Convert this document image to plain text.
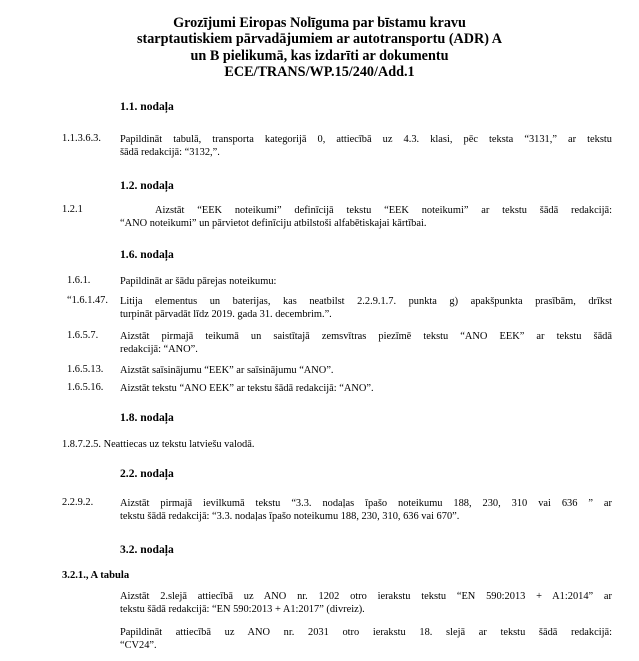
Grozījumi Eiropas Nolīguma par bīstamu kravu
starptautiskiem pārvadājumiem ar autotransportu (ADR) A
un B pielikumā, kas izdarīti ar dokumentu
ECE/TRANS/WP.15/240/Add.1
1.1. nodaļa
1.1.3.6.3. Papildināt tabulā, transporta kategorijā 0, attiecībā uz 4.3. klasi, pēc teksta “3131,” ar tekstu
šādā redakcijā: “3132,”.
1.2. nodaļa
1.2.1	Aizstāt “EEK noteikumi” definīcijā tekstu “EEK noteikumi” ar tekstu šādā redakcijā:
“ANO noteikumi” un pārvietot definīciju atbilstoši alfabētiskajai kārtībai.
1.6. nodaļa
1.6.1.	Papildināt ar šādu pārejas noteikumu:
“1.6.1.47. Litija elementus un baterijas, kas neatbilst 2.2.9.1.7. punkta g) apakšpunkta prasībām, drīkst
turpināt pārvadāt līdz 2019. gada 31. decembrim.”.
1.6.5.7. Aizstāt pirmajā teikumā un saistītajā zemsvītras piezīmē tekstu “ANO EEK” ar tekstu šādā
redakcijā: “ANO”.
1.6.5.13. Aizstāt saīsinājumu “EEK” ar saīsinājumu “ANO”.
1.6.5.16. Aizstāt tekstu “ANO EEK” ar tekstu šādā redakcijā: “ANO”.
1.8. nodaļa
1.8.7.2.5. Neattiecas uz tekstu latviešu valodā.
2.2. nodaļa
2.2.9.2.	Aizstāt pirmajā ievilkumā tekstu “3.3. nodaļas īpašo noteikumu 188, 230, 310 vai 636 ” ar
tekstu šādā redakcijā: “3.3. nodaļas īpašo noteikumu 188, 230, 310, 636 vai 670”.
3.2. nodaļa
3.2.1., A tabula
Aizstāt 2.slejā attiecībā uz ANO nr. 1202 otro ierakstu tekstu “EN 590:2013 + A1:2014” ar
tekstu šādā redakcijā: “EN 590:2013 + A1:2017” (divreiz).
Papildināt attiecībā uz ANO nr. 2031 otro ierakstu 18. slejā ar tekstu šādā redakcijā:
“CV24”.
